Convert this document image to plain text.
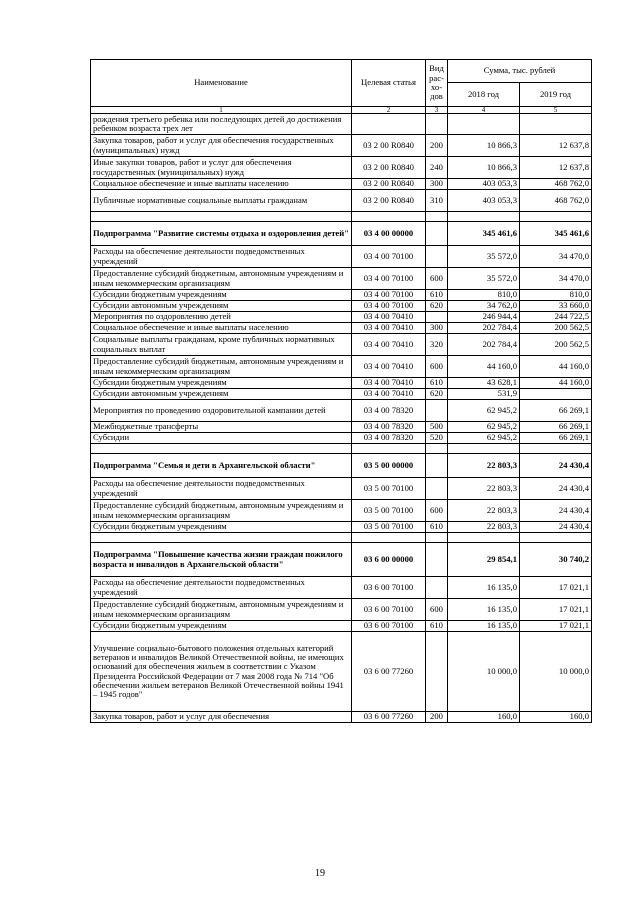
Наименование	Целевая статья	Вид рас-хо-дов	Сумма, тыс. рублей	
			2018 год	2019 год
1	2	3	4	5
рождения третьего ребенка или последующих детей до достижения ребенком возраста трех лет				
Закупка товаров, работ и услуг для обеспечения государственных (муниципальных) нужд	03 2 00 R0840	200	10 866,3	12 637,8
Иные закупки товаров, работ и услуг для обеспечения государственных (муниципальных) нужд	03 2 00 R0840	240	10 866,3	12 637,8
Социальное обеспечение и иные выплаты населению	03 2 00 R0840	300	403 053,3	468 762,0
Публичные нормативные социальные выплаты гражданам	03 2 00 R0840	310	403 053,3	468 762,0

Подпрограмма "Развитие системы отдыха и оздоровления детей"	03 4 00 00000		345 461,6	345 461,6
Расходы на обеспечение деятельности подведомственных учреждений	03 4 00 70100		35 572,0	34 470,0
Предоставление субсидий бюджетным, автономным учреждениям и иным некоммерческим организациям	03 4 00 70100	600	35 572,0	34 470,0
Субсидии бюджетным учреждениям	03 4 00 70100	610	810,0	810,0
Субсидии автономным учреждениям	03 4 00 70100	620	34 762,0	33 660,0
Мероприятия по оздоровлению детей	03 4 00 70410		246 944,4	244 722,5
Социальное обеспечение и иные выплаты населению	03 4 00 70410	300	202 784,4	200 562,5
Социальные выплаты гражданам, кроме публичных нормативных социальных выплат	03 4 00 70410	320	202 784,4	200 562,5
Предоставление субсидий бюджетным, автономным учреждениям и иным некоммерческим организациям	03 4 00 70410	600	44 160,0	44 160,0
Субсидии бюджетным учреждениям	03 4 00 70410	610	43 628,1	44 160,0
Субсидии автономным учреждениям	03 4 00 70410	620	531,9	
Мероприятия по проведению оздоровительной кампании детей	03 4 00 78320		62 945,2	66 269,1
Межбюджетные трансферты	03 4 00 78320	500	62 945,2	66 269,1
Субсидии	03 4 00 78320	520	62 945,2	66 269,1

Подпрограмма "Семья и дети в Архангельской области"	03 5 00 00000		22 803,3	24 430,4
Расходы на обеспечение деятельности подведомственных учреждений	03 5 00 70100		22 803,3	24 430,4
Предоставление субсидий бюджетным, автономным учреждениям и иным некоммерческим организациям	03 5 00 70100	600	22 803,3	24 430,4
Субсидии бюджетным учреждениям	03 5 00 70100	610	22 803,3	24 430,4

Подпрограмма "Повышение качества жизни граждан пожилого возраста и инвалидов в Архангельской области"	03 6 00 00000		29 854,1	30 740,2
Расходы на обеспечение деятельности подведомственных учреждений	03 6 00 70100		16 135,0	17 021,1
Предоставление субсидий бюджетным, автономным учреждениям и иным некоммерческим организациям	03 6 00 70100	600	16 135,0	17 021,1
Субсидии бюджетным учреждениям	03 6 00 70100	610	16 135,0	17 021,1
Улучшение социально-бытового положения отдельных категорий ветеранов и инвалидов Великой Отечественной войны, не имеющих оснований для обеспечения жильем в соответствии с Указом Президента Российской Федерации от 7 мая 2008 года № 714 "Об обеспечении жильем ветеранов Великой Отечественной войны 1941 – 1945 годов"	03 6 00 77260		10 000,0	10 000,0
Закупка товаров, работ и услуг для обеспечения	03 6 00 77260	200	160,0	160,0
19
